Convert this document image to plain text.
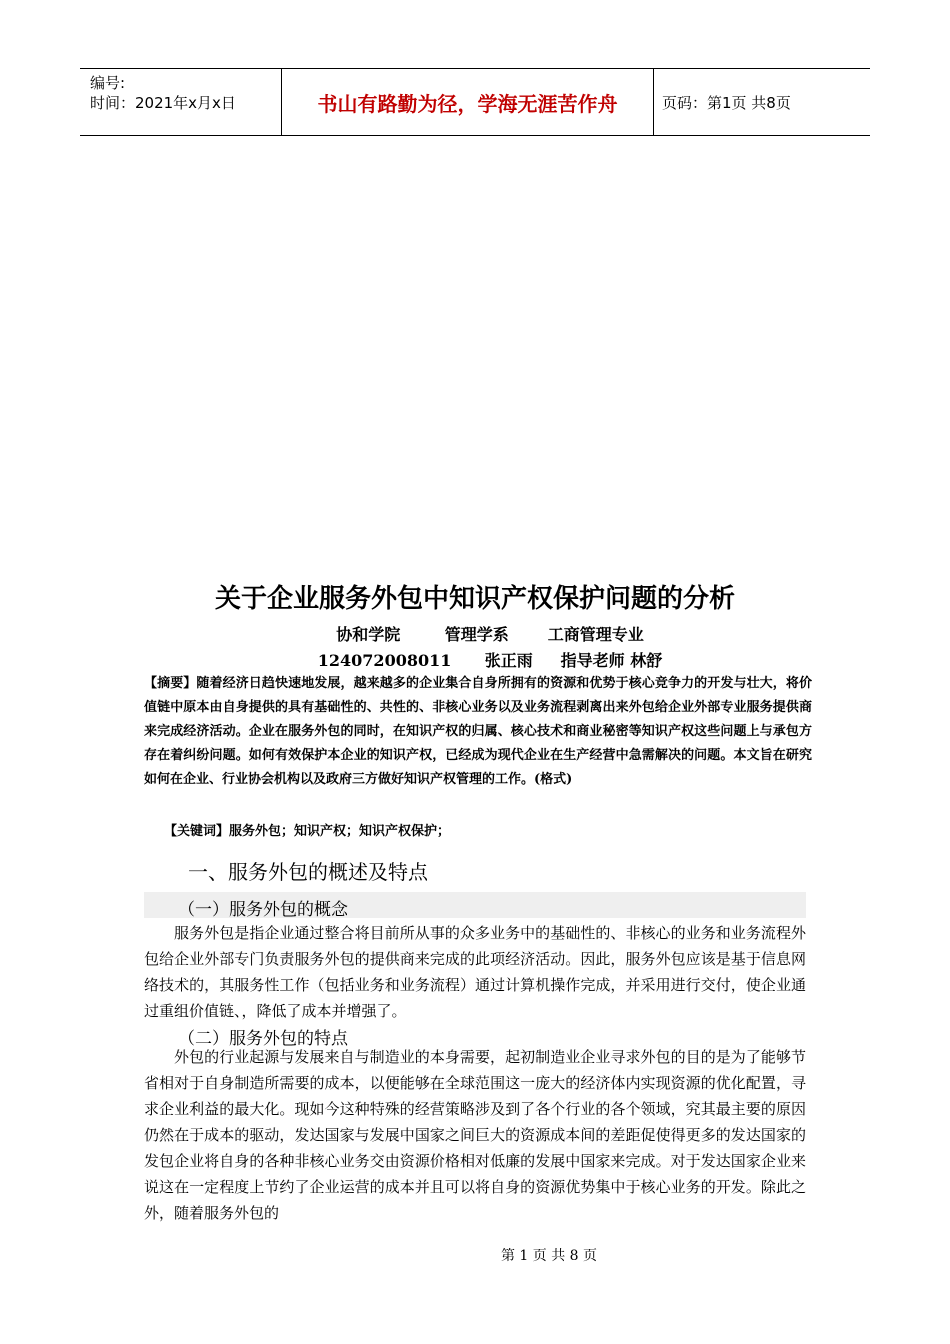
编号:
时间：2021年x月x日	书山有路勤为径，学海无涯苦作舟	页码：第1页 共8页
关于企业服务外包中知识产权保护问题的分析
协和学院        管理学系       工商管理专业
124072008011      张正雨     指导老师 林舒
【摘要】随着经济日趋快速地发展，越来越多的企业集合自身所拥有的资源和优势于核心竞争力的开发与壮大，将价值链中原本由自身提供的具有基础性的、共性的、非核心业务以及业务流程剥离出来外包给企业外部专业服务提供商来完成经济活动。企业在服务外包的同时，在知识产权的归属、核心技术和商业秘密等知识产权这些问题上与承包方存在着纠纷问题。如何有效保护本企业的知识产权，已经成为现代企业在生产经营中急需解决的问题。本文旨在研究如何在企业、行业协会机构以及政府三方做好知识产权管理的工作。(格式)
【关键词】服务外包；知识产权；知识产权保护；
一、服务外包的概述及特点
（一）服务外包的概念
服务外包是指企业通过整合将目前所从事的众多业务中的基础性的、非核心的业务和业务流程外包给企业外部专门负责服务外包的提供商来完成的此项经济活动。因此，服务外包应该是基于信息网络技术的，其服务性工作（包括业务和业务流程）通过计算机操作完成，并采用进行交付，使企业通过重组价值链、，降低了成本并增强了。
（二）服务外包的特点
外包的行业起源与发展来自与制造业的本身需要，起初制造业企业寻求外包的目的是为了能够节省相对于自身制造所需要的成本，以便能够在全球范围这一庞大的经济体内实现资源的优化配置，寻求企业利益的最大化。现如今这种特殊的经营策略涉及到了各个行业的各个领域，究其最主要的原因仍然在于成本的驱动，发达国家与发展中国家之间巨大的资源成本间的差距促使得更多的发达国家的发包企业将自身的各种非核心业务交由资源价格相对低廉的发展中国家来完成。对于发达国家企业来说这在一定程度上节约了企业运营的成本并且可以将自身的资源优势集中于核心业务的开发。除此之外，随着服务外包的
第 1 页 共 8 页
